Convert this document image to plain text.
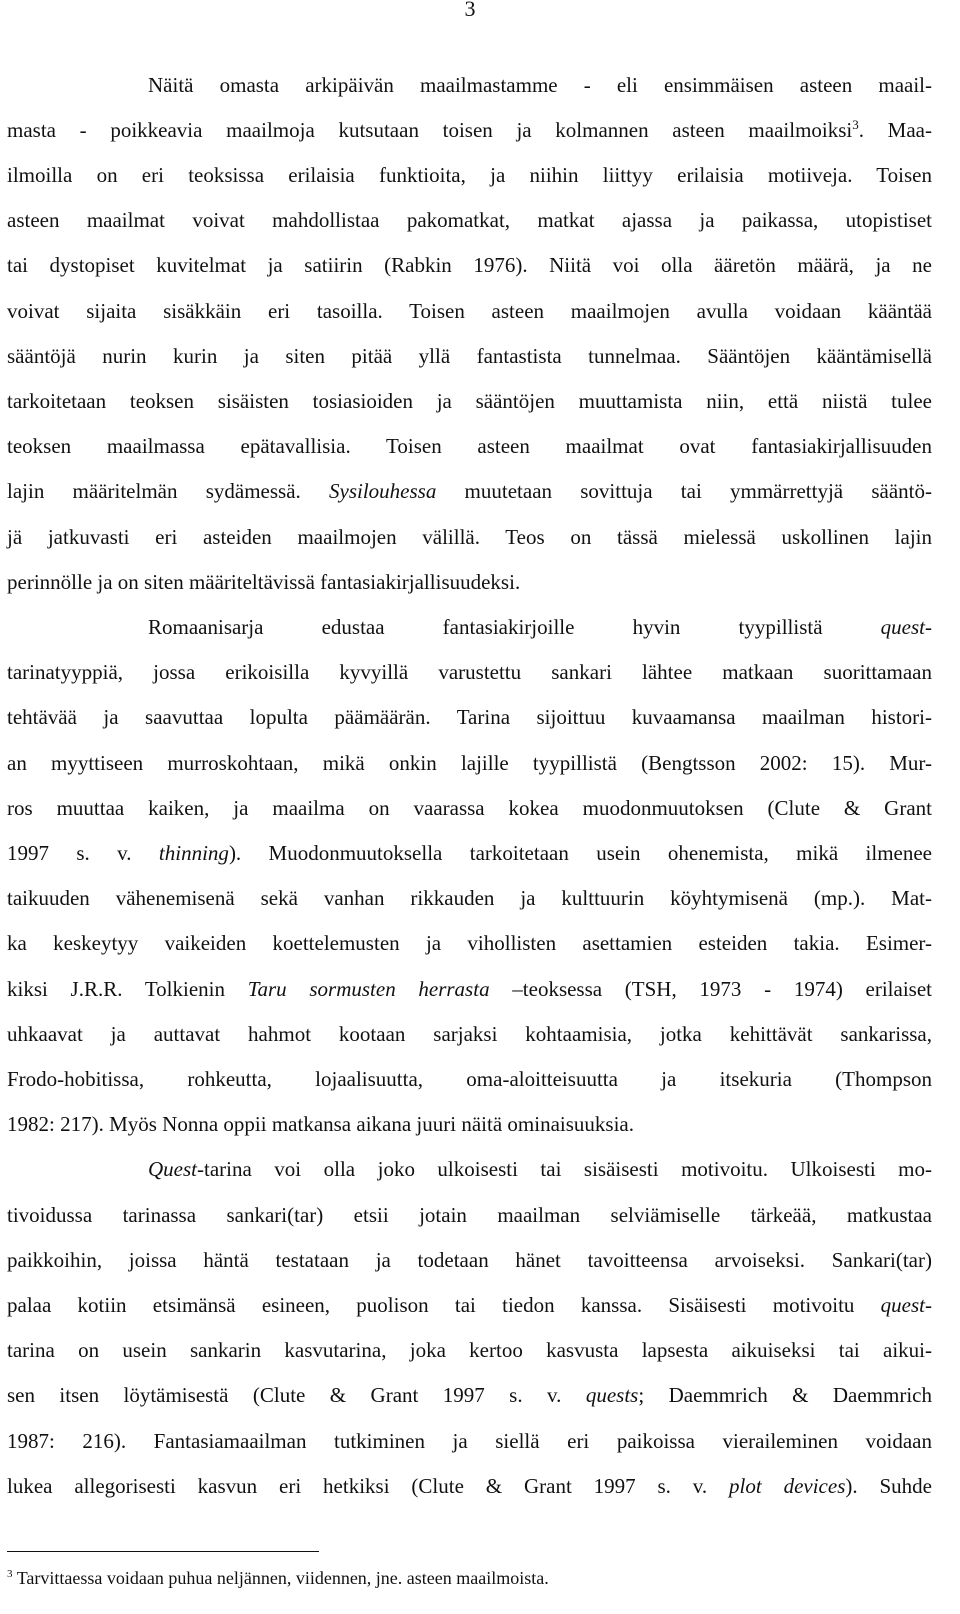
3
Näitä omasta arkipäivän maailmastamme - eli ensimmäisen asteen maail-
masta - poikkeavia maailmoja kutsutaan toisen ja kolmannen asteen maailmoiksi$^3$. Maa-
ilmoilla on eri teoksissa erilaisia funktioita, ja niihin liittyy erilaisia motiiveja. Toisen
asteen maailmat voivat mahdollistaa pakomatkat, matkat ajassa ja paikassa, utopistiset
tai dystopiset kuvitelmat ja satiirin (Rabkin 1976). Niitä voi olla ääretön määrä, ja ne
voivat sijaita sisäkkäin eri tasoilla. Toisen asteen maailmojen avulla voidaan kääntää
sääntöjä nurin kurin ja siten pitää yllä fantastista tunnelmaa. Sääntöjen kääntämisellä
tarkoitetaan teoksen sisäisten tosiasioiden ja sääntöjen muuttamista niin, että niistä tulee
teoksen maailmassa epätavallisia. Toisen asteen maailmat ovat fantasiakirjallisuuden
lajin määritelmän sydämessä. Sysilouhessa muutetaan sovittuja tai ymmärrettyjä sääntö-
jä jatkuvasti eri asteiden maailmojen välillä. Teos on tässä mielessä uskollinen lajin
perinnölle ja on siten määriteltävissä fantasiakirjallisuudeksi.
Romaanisarja edustaa fantasiakirjoille hyvin tyypillistä quest-
tarinatyyppiä, jossa erikoisilla kyvyillä varustettu sankari lähtee matkaan suorittamaan
tehtävää ja saavuttaa lopulta päämäärän. Tarina sijoittuu kuvaamansa maailman histori-
an myyttiseen murroskohtaan, mikä onkin lajille tyypillistä (Bengtsson 2002: 15). Mur-
ros muuttaa kaiken, ja maailma on vaarassa kokea muodonmuutoksen (Clute & Grant
1997 s. v. thinning). Muodonmuutoksella tarkoitetaan usein ohenemista, mikä ilmenee
taikuuden vähenemisenä sekä vanhan rikkauden ja kulttuurin köyhtymisenä (mp.). Mat-
ka keskeytyy vaikeiden koettelemusten ja vihollisten asettamien esteiden takia. Esimer-
kiksi J.R.R. Tolkienin Taru sormusten herrasta –teoksessa (TSH, 1973 - 1974) erilaiset
uhkaavat ja auttavat hahmot kootaan sarjaksi kohtaamisia, jotka kehittävät sankarissa,
Frodo-hobitissa, rohkeutta, lojaalisuutta, oma-aloitteisuutta ja itsekuria (Thompson
1982: 217). Myös Nonna oppii matkansa aikana juuri näitä ominaisuuksia.
Quest-tarina voi olla joko ulkoisesti tai sisäisesti motivoitu. Ulkoisesti mo-
tivoidussa tarinassa sankari(tar) etsii jotain maailman selviämiselle tärkeää, matkustaa
paikkoihin, joissa häntä testataan ja todetaan hänet tavoitteensa arvoiseksi. Sankari(tar)
palaa kotiin etsimänsä esineen, puolison tai tiedon kanssa. Sisäisesti motivoitu quest-
tarina on usein sankarin kasvutarina, joka kertoo kasvusta lapsesta aikuiseksi tai aikui-
sen itsen löytämisestä (Clute & Grant 1997 s. v. quests; Daemmrich & Daemmrich
1987: 216). Fantasiamaailman tutkiminen ja siellä eri paikoissa vieraileminen voidaan
lukea allegorisesti kasvun eri hetkiksi (Clute & Grant 1997 s. v. plot devices). Suhde
$^3$ Tarvittaessa voidaan puhua neljännen, viidennen, jne. asteen maailmoista.
